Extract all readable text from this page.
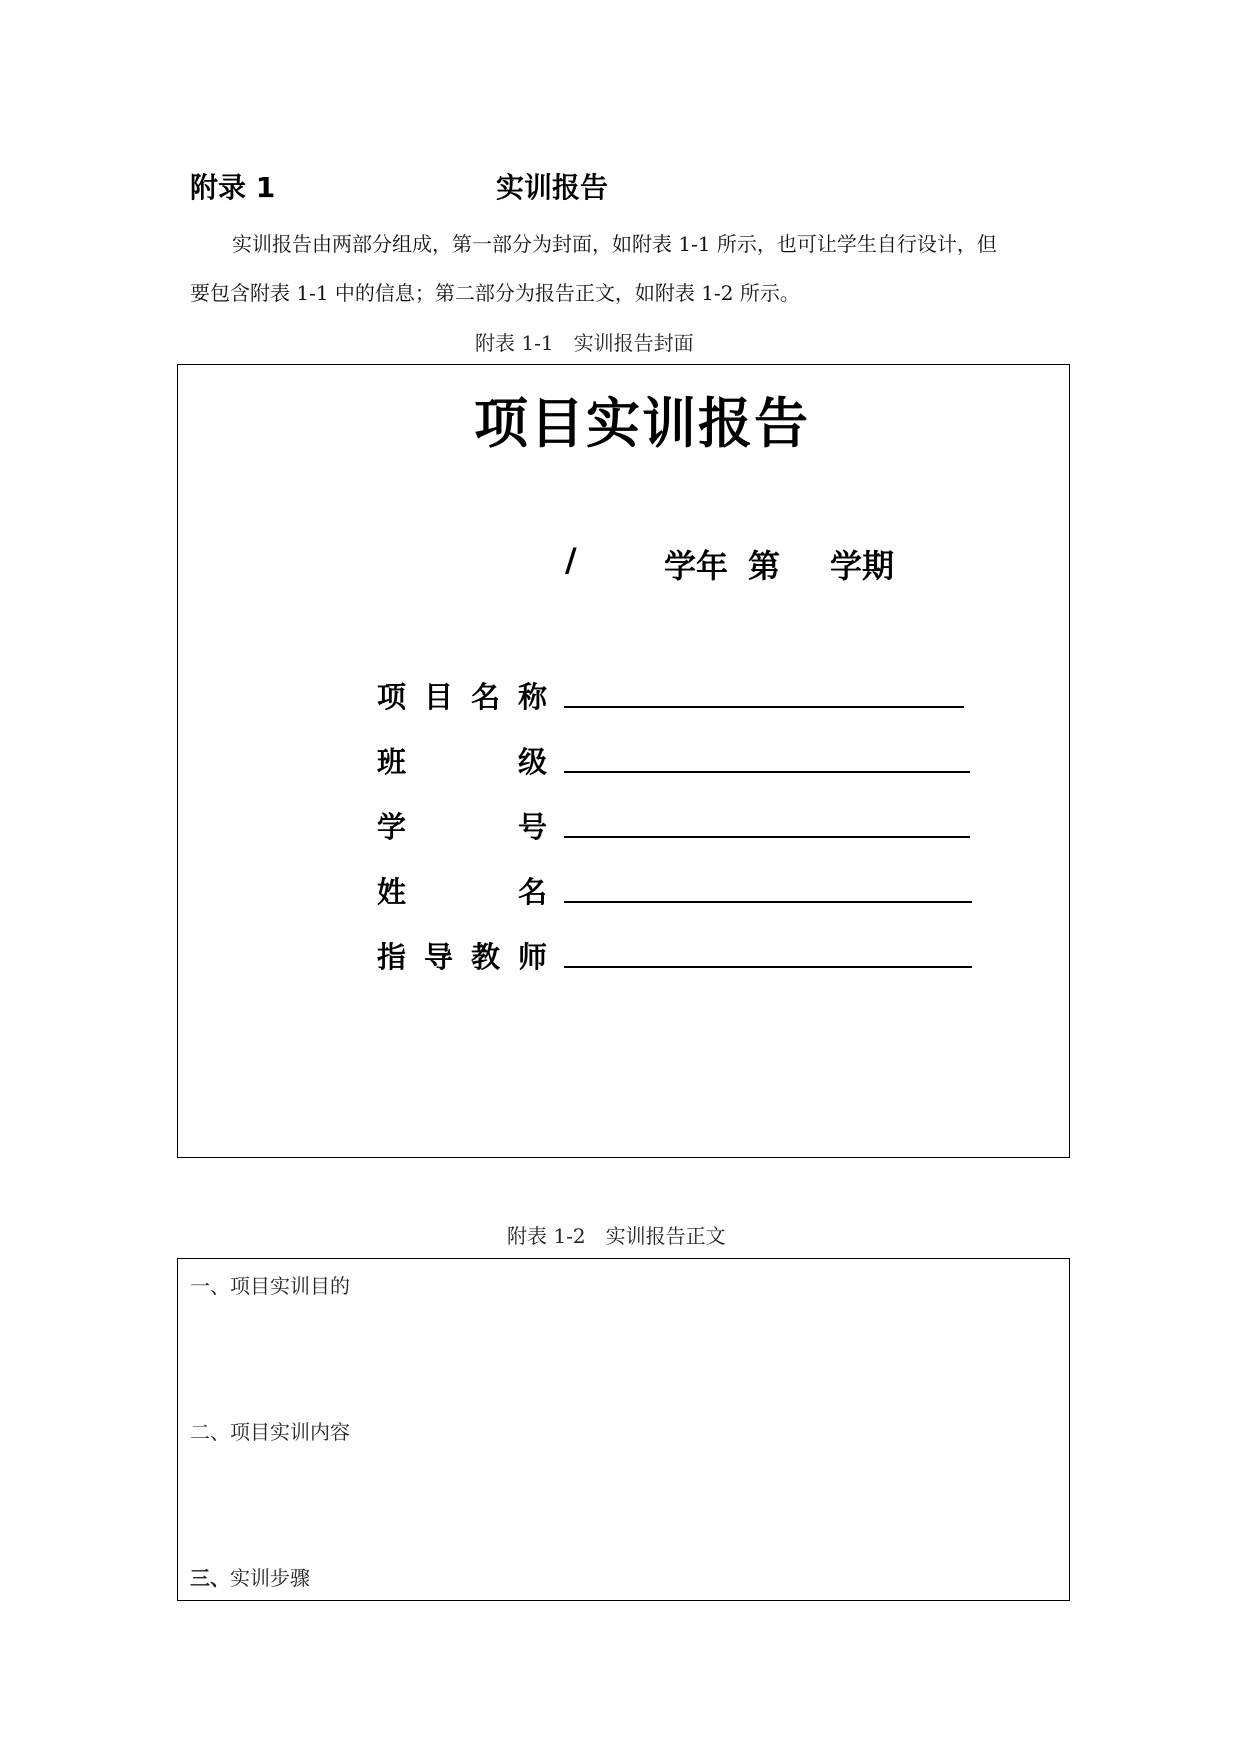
附录 1	实训报告
实训报告由两部分组成，第一部分为封面，如附表 1-1 所示，也可让学生自行设计，但
要包含附表 1-1 中的信息；第二部分为报告正文，如附表 1-2 所示。
附表 1-1　实训报告封面
项目实训报告
/	学年 第 学期
项 目 名 称
班	级
学	号
姓	名
指 导 教 师
附表 1-2　实训报告正文
一、项目实训目的
二、项目实训内容
三、实训步骤
